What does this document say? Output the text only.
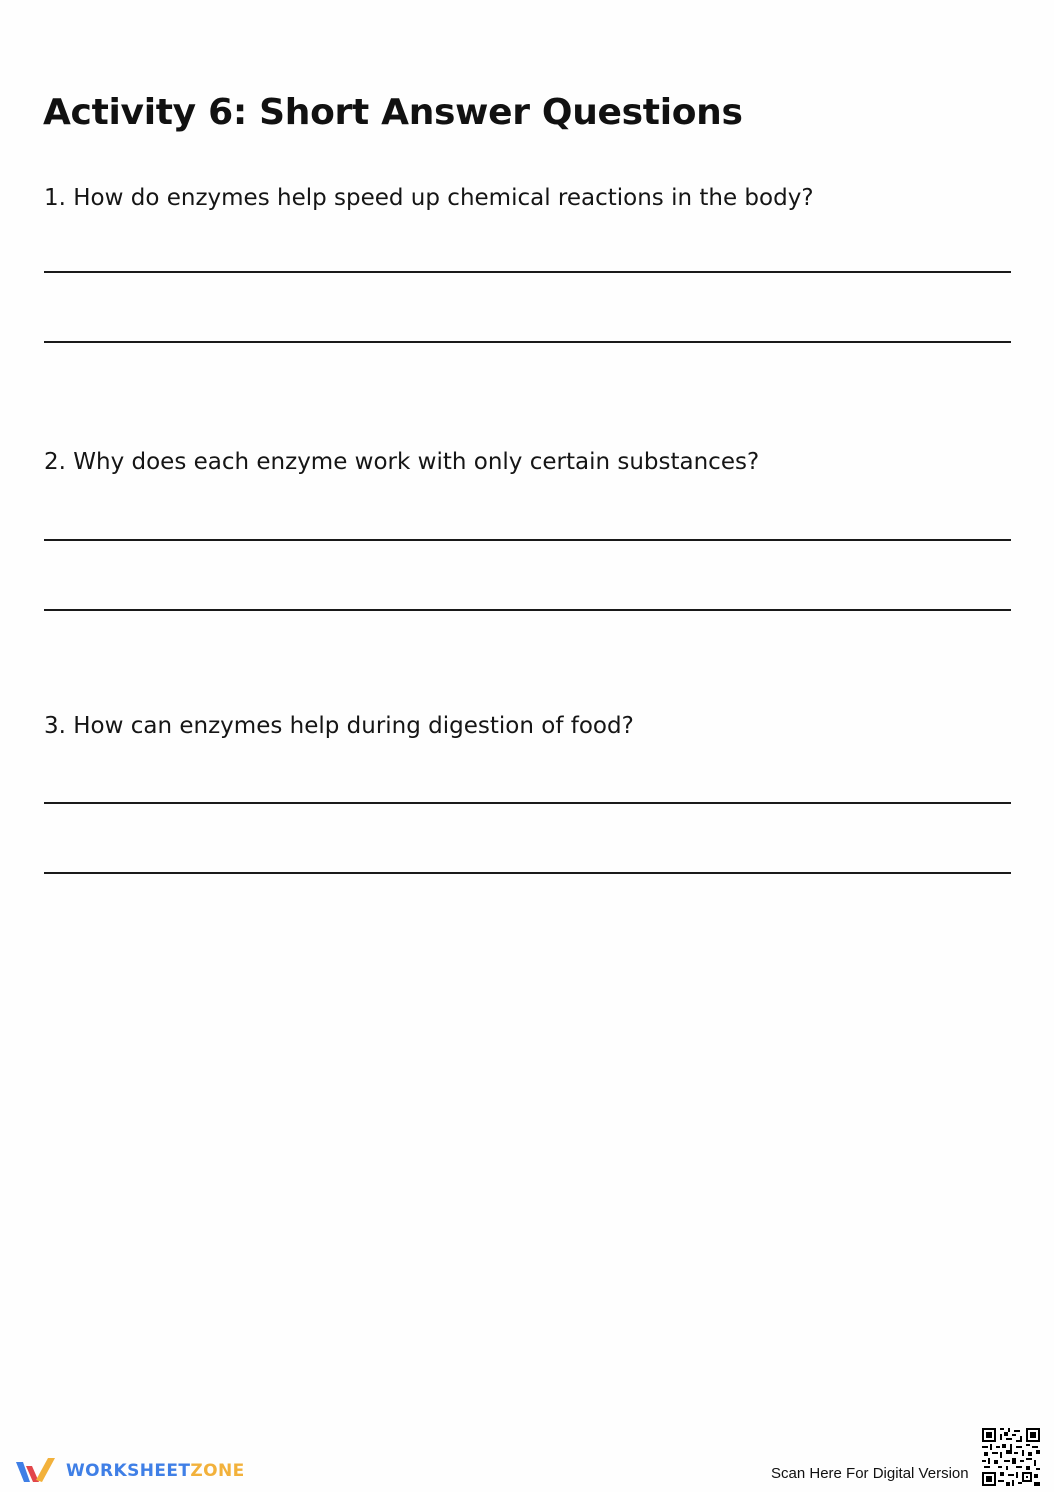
Activity 6: Short Answer Questions
1. How do enzymes help speed up chemical reactions in the body?
2. Why does each enzyme work with only certain substances?
3. How can enzymes help during digestion of food?
WORKSHEETZONE	Scan Here For Digital Version
